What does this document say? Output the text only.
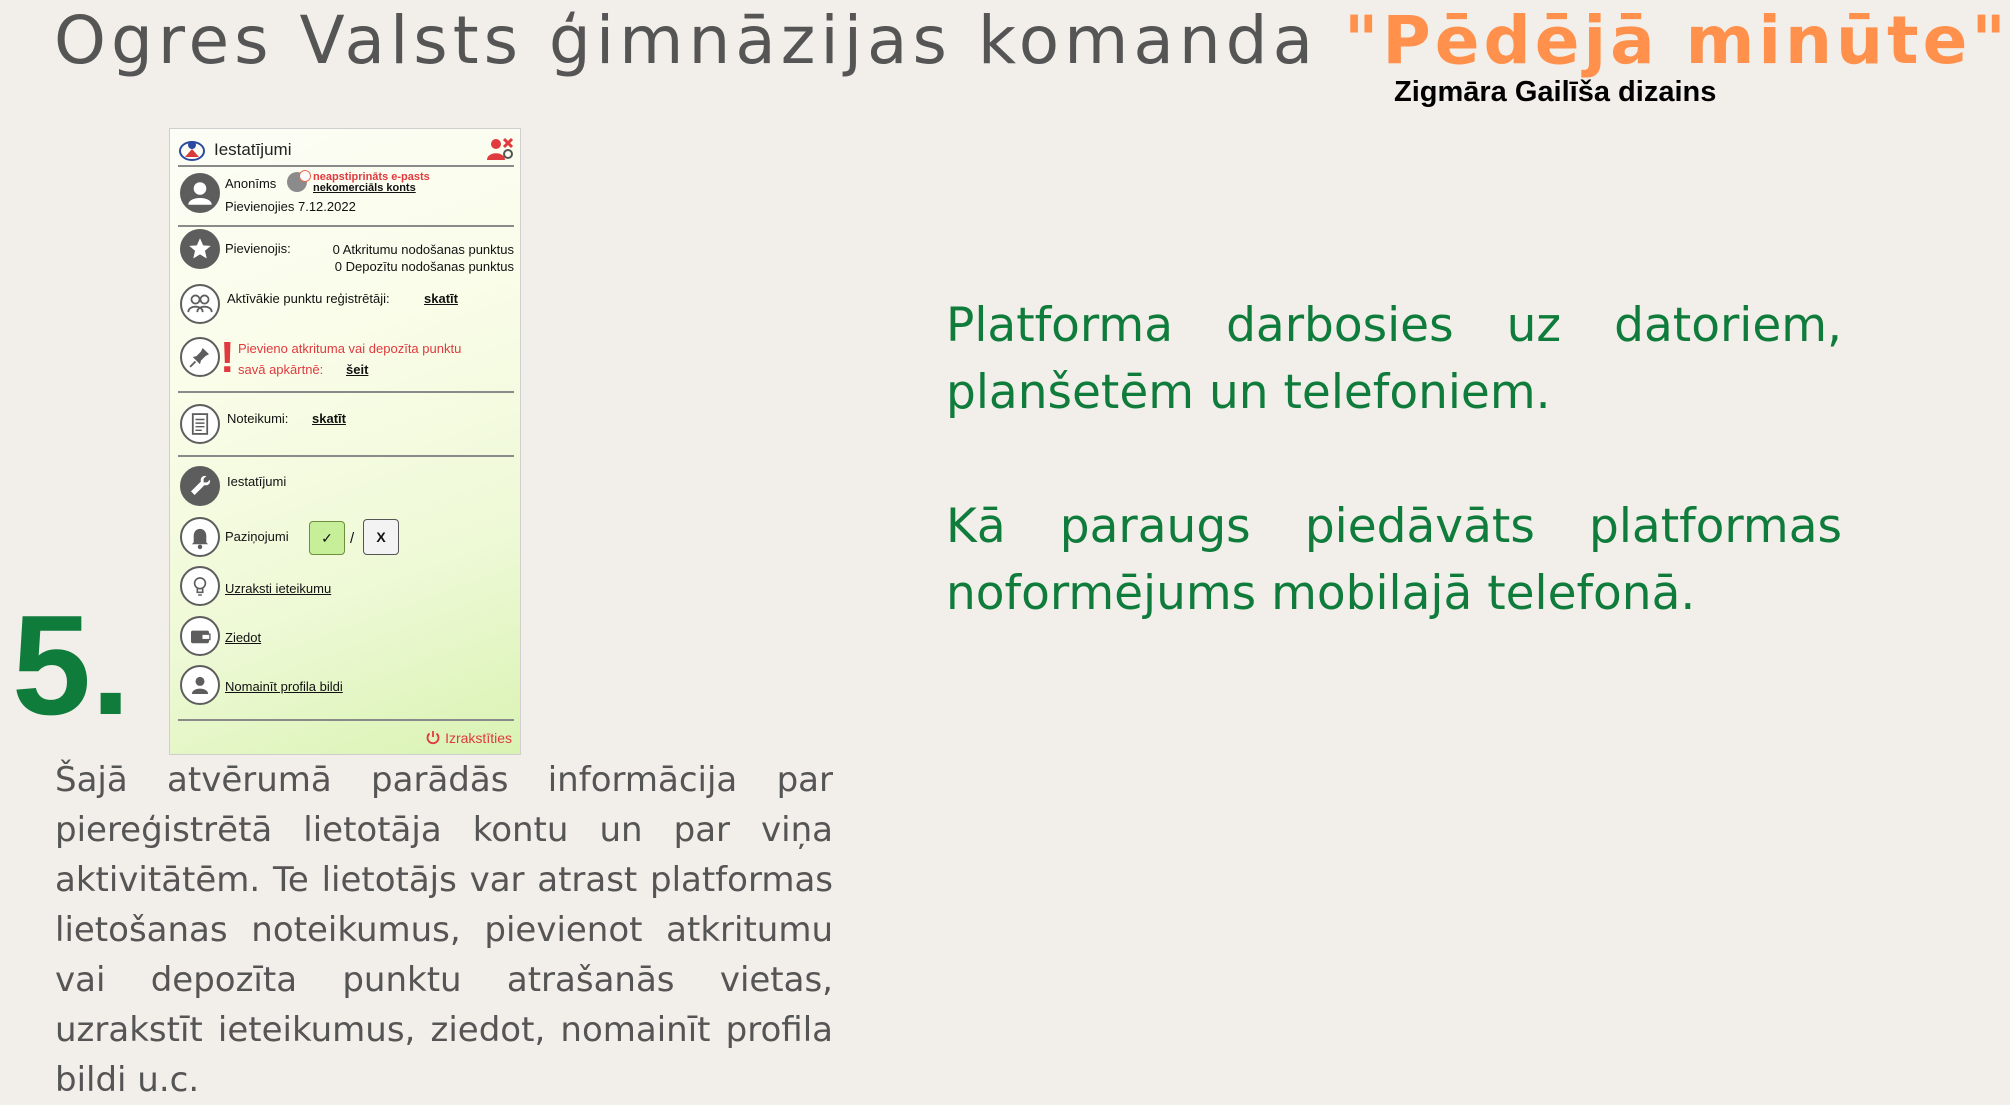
Ogres Valsts ģimnāzijas komanda "Pēdējā minūte"
Zigmāra Gailīša dizains
5.

Šajā atvērumā parādās informācija par piereģistrētā lietotāja kontu un par viņa aktivitātēm. Te lietotājs var atrast platformas lietošanas noteikumus, pievienot atkritumu vai depozīta punktu atrašanās vietas, uzrakstīt ieteikumus, ziedot, nomainīt profila bildi u.c.

Platforma darbosies uz datoriem, planšetēm un telefoniem.

Kā paraugs piedāvāts platformas noformējums mobilajā telefonā.

Iestatījumi
Anonīms	neapstiprināts e-pasts
nekomerciāls konts
Pievienojies 7.12.2022
Pievienojis:	0 Atkritumu nodošanas punktus
0 Depozītu nodošanas punktus
Aktīvākie punktu reģistrētāji:	skatīt
! Pievieno atkrituma vai depozīta punktu
savā apkārtnē: šeit
Noteikumi: skatīt
Iestatījumi
Paziņojumi	✓	/	X
Uzraksti ieteikumu
Ziedot
Nomainīt profila bildi
Izrakstīties
